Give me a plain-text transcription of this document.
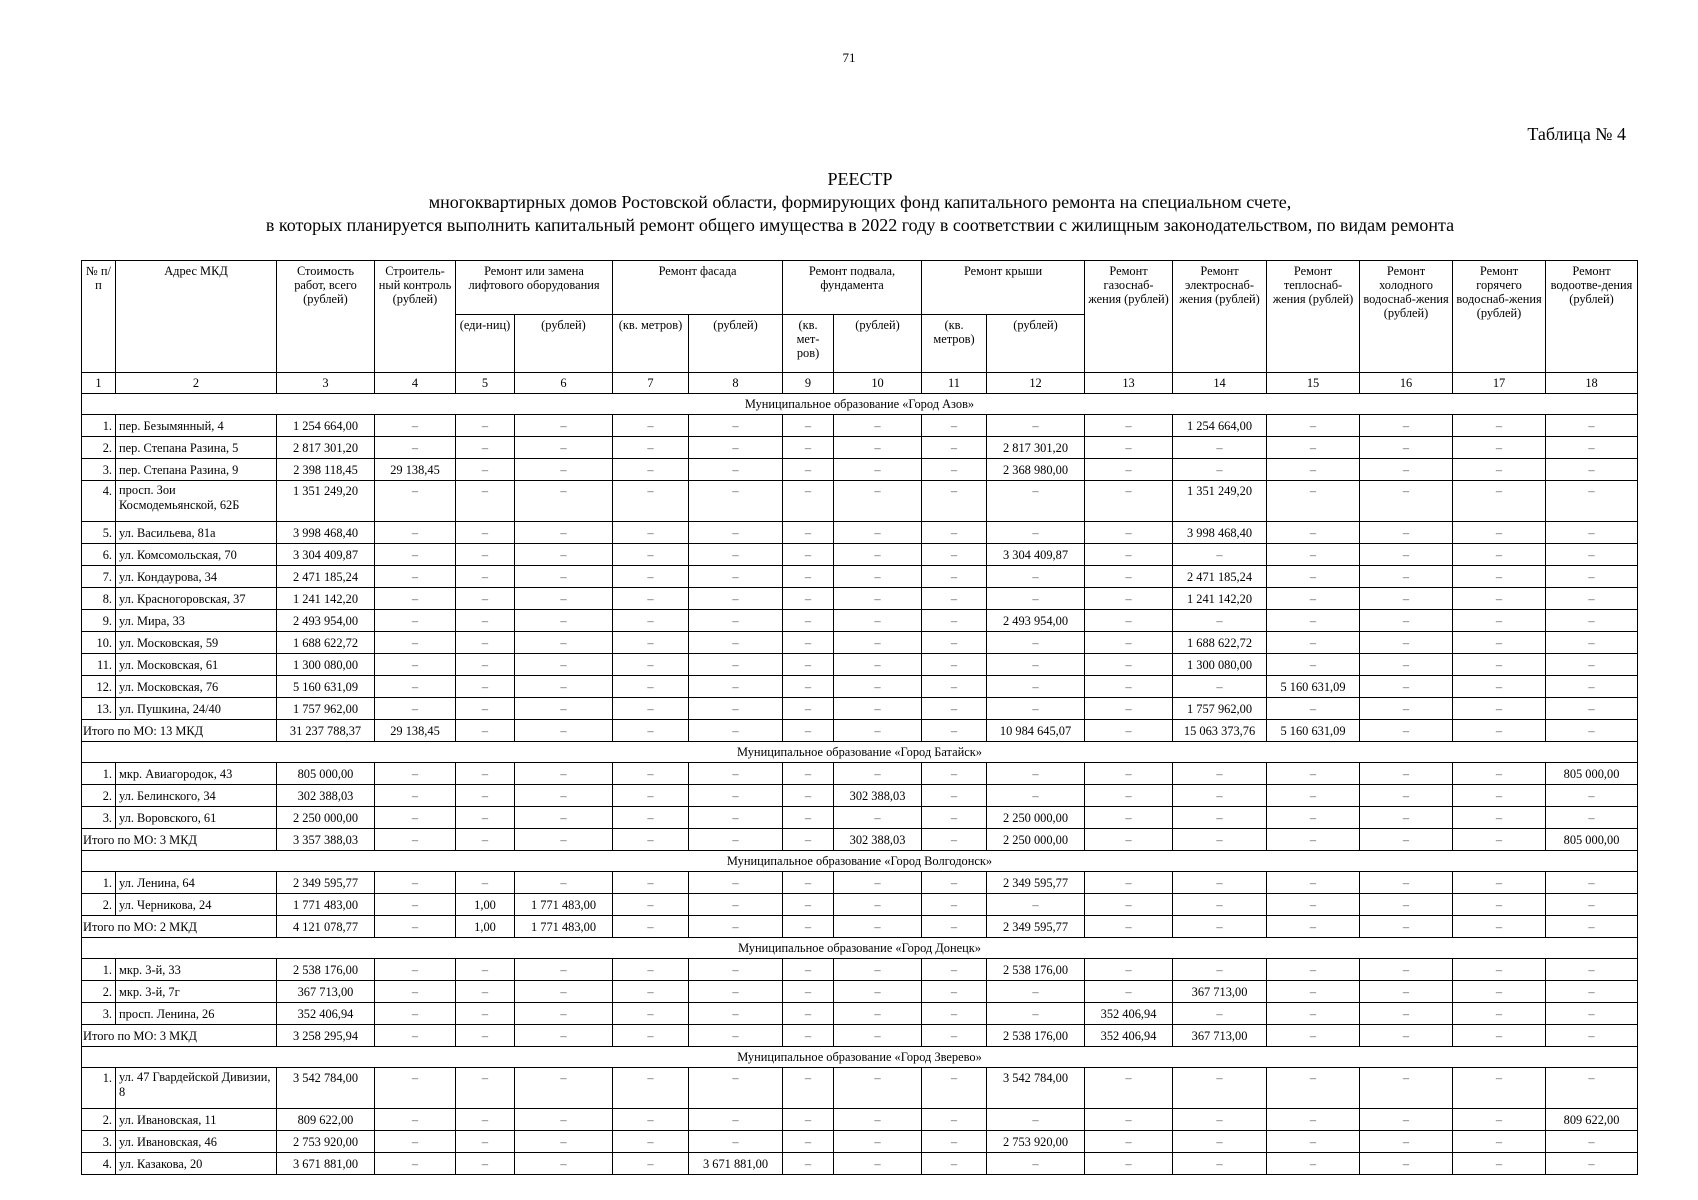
71
Таблица № 4
РЕЕСТР
многоквартирных домов Ростовской области, формирующих фонд капитального ремонта на специальном счете,
в которых планируется выполнить капитальный ремонт общего имущества в 2022 году в соответствии с жилищным законодательством, по видам ремонта
№ п/п	Адрес МКД	Стоимость работ, всего (рублей)	Строитель-ный контроль (рублей)	Ремонт или замена лифтового оборудования		Ремонт фасада		Ремонт подвала, фундамента		Ремонт крыши		Ремонт газоснаб-жения (рублей)	Ремонт электроснаб-жения (рублей)	Ремонт теплоснаб-жения (рублей)	Ремонт холодного водоснаб-жения (рублей)	Ремонт горячего водоснаб-жения (рублей)	Ремонт водоотве-дения (рублей)
				(еди-ниц)	(рублей)	(кв. метров)	(рублей)	(кв. мет-ров)	(рублей)	(кв. метров)	(рублей)						
1	2	3	4	5	6	7	8	9	10	11	12	13	14	15	16	17	18
Муниципальное образование «Город Азов»																	
1.	пер. Безымянный, 4	1 254 664,00	–	–	–	–	–	–	–	–	–	–	1 254 664,00	–	–	–	–
2.	пер. Степана Разина, 5	2 817 301,20	–	–	–	–	–	–	–	–	2 817 301,20	–	–	–	–	–	–
3.	пер. Степана Разина, 9	2 398 118,45	29 138,45	–	–	–	–	–	–	–	2 368 980,00	–	–	–	–	–	–
4.	просп. Зои Космодемьянской, 62Б	1 351 249,20	–	–	–	–	–	–	–	–	–	–	1 351 249,20	–	–	–	–
5.	ул. Васильева, 81а	3 998 468,40	–	–	–	–	–	–	–	–	–	–	3 998 468,40	–	–	–	–
6.	ул. Комсомольская, 70	3 304 409,87	–	–	–	–	–	–	–	–	3 304 409,87	–	–	–	–	–	–
7.	ул. Кондаурова, 34	2 471 185,24	–	–	–	–	–	–	–	–	–	–	2 471 185,24	–	–	–	–
8.	ул. Красногоровская, 37	1 241 142,20	–	–	–	–	–	–	–	–	–	–	1 241 142,20	–	–	–	–
9.	ул. Мира, 33	2 493 954,00	–	–	–	–	–	–	–	–	2 493 954,00	–	–	–	–	–	–
10.	ул. Московская, 59	1 688 622,72	–	–	–	–	–	–	–	–	–	–	1 688 622,72	–	–	–	–
11.	ул. Московская, 61	1 300 080,00	–	–	–	–	–	–	–	–	–	–	1 300 080,00	–	–	–	–
12.	ул. Московская, 76	5 160 631,09	–	–	–	–	–	–	–	–	–	–	–	5 160 631,09	–	–	–
13.	ул. Пушкина, 24/40	1 757 962,00	–	–	–	–	–	–	–	–	–	–	1 757 962,00	–	–	–	–
Итого по МО: 13 МКД		31 237 788,37	29 138,45	–	–	–	–	–	–	–	10 984 645,07	–	15 063 373,76	5 160 631,09	–	–	–
Муниципальное образование «Город Батайск»																	
1.	мкр. Авиагородок, 43	805 000,00	–	–	–	–	–	–	–	–	–	–	–	–	–	–	805 000,00
2.	ул. Белинского, 34	302 388,03	–	–	–	–	–	–	302 388,03	–	–	–	–	–	–	–	–
3.	ул. Воровского, 61	2 250 000,00	–	–	–	–	–	–	–	–	2 250 000,00	–	–	–	–	–	–
Итого по МО: 3 МКД		3 357 388,03	–	–	–	–	–	–	302 388,03	–	2 250 000,00	–	–	–	–	–	805 000,00
Муниципальное образование «Город Волгодонск»																	
1.	ул. Ленина, 64	2 349 595,77	–	–	–	–	–	–	–	–	2 349 595,77	–	–	–	–	–	–
2.	ул. Черникова, 24	1 771 483,00	–	1,00	1 771 483,00	–	–	–	–	–	–	–	–	–	–	–	–
Итого по МО: 2 МКД		4 121 078,77	–	1,00	1 771 483,00	–	–	–	–	–	2 349 595,77	–	–	–	–	–	–
Муниципальное образование «Город Донецк»																	
1.	мкр. 3-й, 33	2 538 176,00	–	–	–	–	–	–	–	–	2 538 176,00	–	–	–	–	–	–
2.	мкр. 3-й, 7г	367 713,00	–	–	–	–	–	–	–	–	–	–	367 713,00	–	–	–	–
3.	просп. Ленина, 26	352 406,94	–	–	–	–	–	–	–	–	–	352 406,94	–	–	–	–	–
Итого по МО: 3 МКД		3 258 295,94	–	–	–	–	–	–	–	–	2 538 176,00	352 406,94	367 713,00	–	–	–	–
Муниципальное образование «Город Зверево»																	
1.	ул. 47 Гвардейской Дивизии, 8	3 542 784,00	–	–	–	–	–	–	–	–	3 542 784,00	–	–	–	–	–	–
2.	ул. Ивановская, 11	809 622,00	–	–	–	–	–	–	–	–	–	–	–	–	–	–	809 622,00
3.	ул. Ивановская, 46	2 753 920,00	–	–	–	–	–	–	–	–	2 753 920,00	–	–	–	–	–	–
4.	ул. Казакова, 20	3 671 881,00	–	–	–	–	3 671 881,00	–	–	–	–	–	–	–	–	–	–
